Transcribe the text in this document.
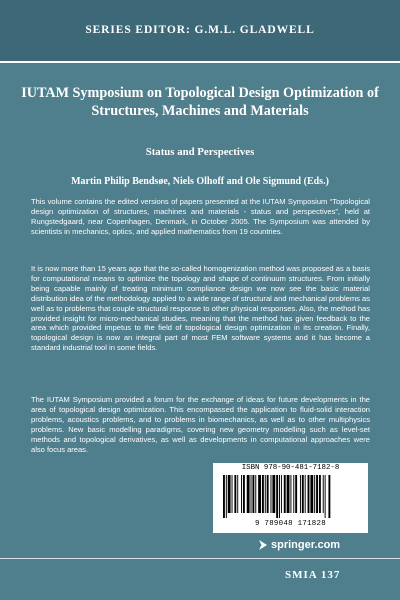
SERIES EDITOR: G.M.L. GLADWELL
IUTAM Symposium on Topological Design Optimization of Structures, Machines and Materials
Status and Perspectives
Martin Philip Bendsøe, Niels Olhoff and Ole Sigmund (Eds.)

This volume contains the edited versions of papers presented at the IUTAM Symposium “Topological design optimization of structures, machines and materials - status and perspectives”, held at Rungstedgaard, near Copenhagen, Denmark, in October 2005. The Symposium was attended by scientists in mechanics, optics, and applied mathematics from 19 countries.

It is now more than 15 years ago that the so-called homogenization method was proposed as a basis for computational means to optimize the topology and shape of continuum structures. From initially being capable mainly of treating minimum compliance design we now see the basic material distribution idea of the methodology applied to a wide range of structural and mechanical problems as well as to problems that couple structural response to other physical responses. Also, the method has provided insight for micro-mechanical studies, meaning that the method has given feedback to the area which provided impetus to the field of topological design optimization in its creation. Finally, topological design is now an integral part of most FEM software systems and it has become a standard industrial tool in some fields.

The IUTAM Symposium provided a forum for the exchange of ideas for future developments in the area of topological design optimization. This encompassed the application to fluid-solid interaction problems, acoustics problems, and to problems in biomechanics, as well as to other multiphysics problems. New basic modelling paradigms, covering new geometry modelling such as level-set methods and topological derivatives, as well as developments in computational approaches were also focus areas.

ISBN 978-90-481-7182-8
9 789048 171828
springer.com
SMIA 137
